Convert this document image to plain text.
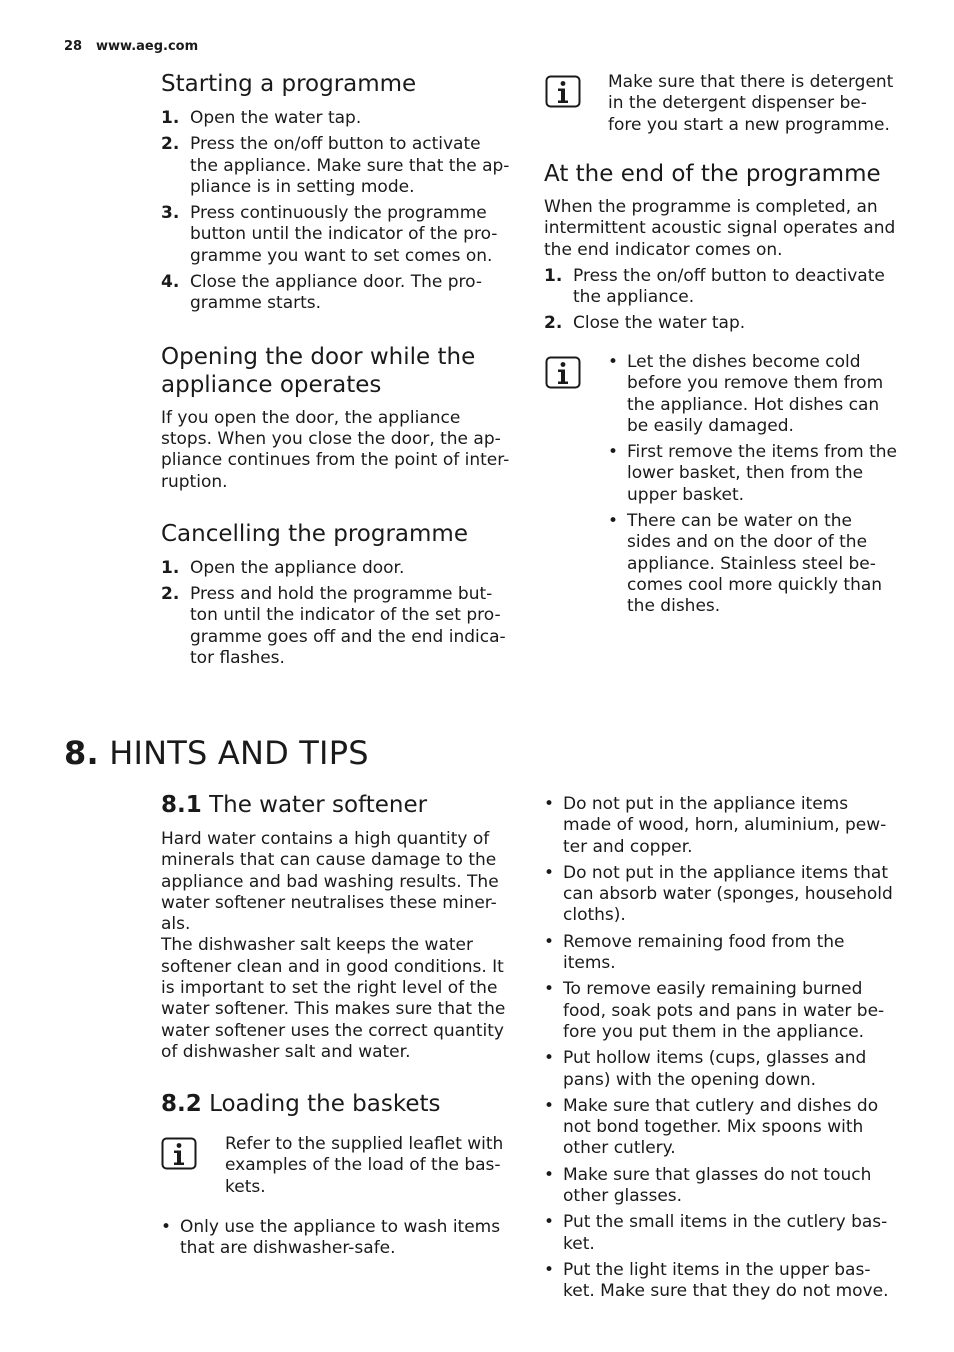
28 www.aeg.com
Starting a programme
1. Open the water tap.
2. Press the on/off button to activate the appliance. Make sure that the ap- pliance is in setting mode.
3. Press continuously the programme button until the indicator of the pro- gramme you want to set comes on.
4. Close the appliance door. The pro- gramme starts.
Opening the door while the
appliance operates

If you open the door, the appliance stops. When you close the door, the ap- pliance continues from the point of inter- ruption.

Cancelling the programme
1. Open the appliance door.
2. Press and hold the programme but- ton until the indicator of the set pro- gramme goes off and the end indica- tor flashes.
Make sure that there is detergent in the detergent dispenser be- fore you start a new programme.
At the end of the programme

When the programme is completed, an intermittent acoustic signal operates and the end indicator comes on.

1. Press the on/off button to deactivate the appliance.
2. Close the water tap.
• Let the dishes become cold before you remove them from the appliance. Hot dishes can be easily damaged.
• First remove the items from the lower basket, then from the upper basket.
• There can be water on the sides and on the door of the appliance. Stainless steel be- comes cool more quickly than the dishes.
8. HINTS AND TIPS
8.1 The water softener

Hard water contains a high quantity of minerals that can cause damage to the appliance and bad washing results. The water softener neutralises these miner- als.

The dishwasher salt keeps the water softener clean and in good conditions. It is important to set the right level of the water softener. This makes sure that the water softener uses the correct quantity of dishwasher salt and water.

8.2 Loading the baskets
Refer to the supplied leaflet with examples of the load of the bas- kets.
• Only use the appliance to wash items that are dishwasher-safe.
• Do not put in the appliance items made of wood, horn, aluminium, pew- ter and copper.
• Do not put in the appliance items that can absorb water (sponges, household cloths).
• Remove remaining food from the items.
• To remove easily remaining burned food, soak pots and pans in water be- fore you put them in the appliance.
• Put hollow items (cups, glasses and pans) with the opening down.
• Make sure that cutlery and dishes do not bond together. Mix spoons with other cutlery.
• Make sure that glasses do not touch other glasses.
• Put the small items in the cutlery bas- ket.
• Put the light items in the upper bas- ket. Make sure that they do not move.
